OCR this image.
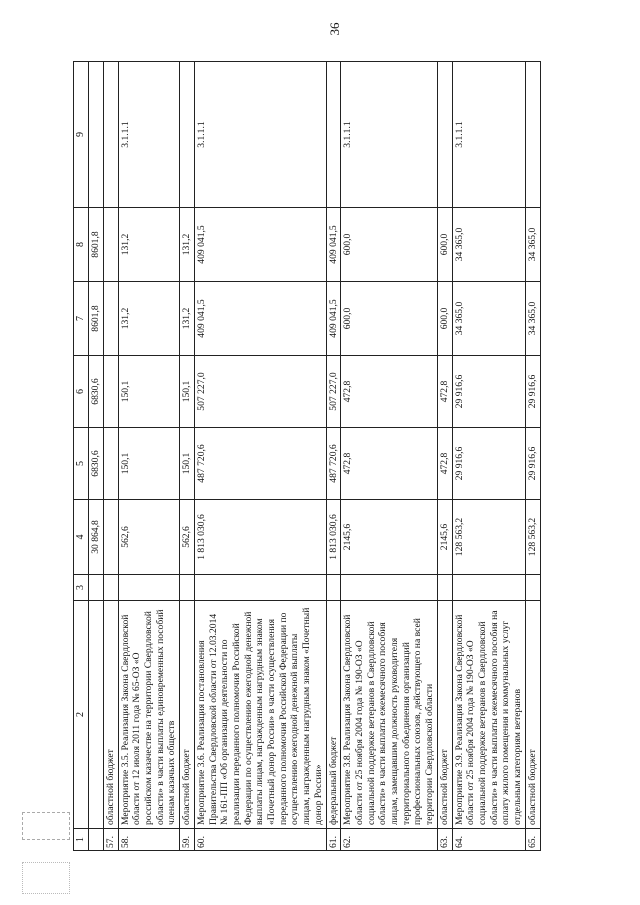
36
1	2	3	4	5	6	7	8	9
			30 864,8	6830,6	6830,6	8601,8	8601,8	
57.	областной бюджет							
58.	Мероприятие 3.5. Реализация Закона Свердловской области от 12 июля 2011 года № 65-ОЗ «О российском казачестве на территории Свердловской области» в части выплаты единовременных пособий членам казачьих обществ		562,6	150,1	150,1	131,2	131,2	3.1.1.1
59.	областной бюджет		562,6	150,1	150,1	131,2	131,2	
60.	Мероприятие 3.6. Реализация постановления Правительства Свердловской области от 12.03.2014 № 161-ПП «Об организации деятельности по реализации переданного полномочия Российской Федерации по осуществлению ежегодной денежной выплаты лицам, награжденным нагрудным знаком «Почетный донор России» в части осуществления переданного полномочия Российской Федерации по осуществлению ежегодной денежной выплаты лицам, награжденным нагрудным знаком «Почетный донор России»		1 813 030,6	487 720,6	507 227,0	409 041,5	409 041,5	3.1.1.1
61.	федеральный бюджет		1 813 030,6	487 720,6	507 227,0	409 041,5	409 041,5	
62.	Мероприятие 3.8. Реализация Закона Свердловской области от 25 ноября 2004 года № 190-ОЗ «О социальной поддержке ветеранов в Свердловской области» в части выплаты ежемесячного пособия лицам, замещавшим должность руководителя территориального объединения организаций профессиональных союзов, действующего на всей территории Свердловской области		2145,6	472,8	472,8	600,0	600,0	3.1.1.1
63.	областной бюджет		2145,6	472,8	472,8	600,0	600,0	
64.	Мероприятие 3.9. Реализация Закона Свердловской области от 25 ноября 2004 года № 190-ОЗ «О социальной поддержке ветеранов в Свердловской области» в части выплаты ежемесячного пособия на оплату жилого помещения и коммунальных услуг отдельным категориям ветеранов		128 563,2	29 916,6	29 916,6	34 365,0	34 365,0	3.1.1.1
65.	областной бюджет		128 563,2	29 916,6	29 916,6	34 365,0	34 365,0	
